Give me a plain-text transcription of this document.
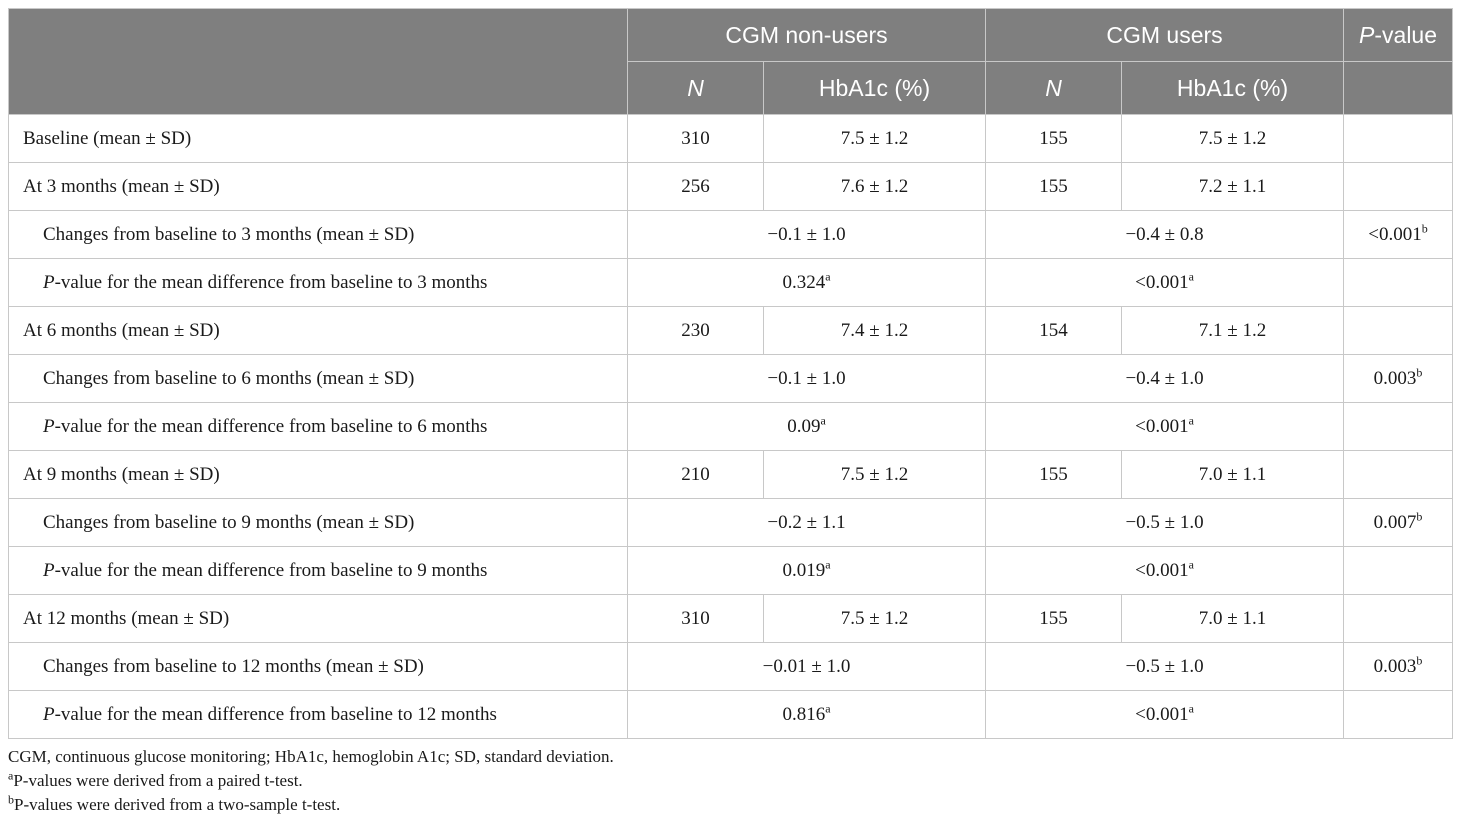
	CGM non-users		CGM users		P-value
	N	HbA1c (%)	N	HbA1c (%)	
Baseline (mean ± SD)	310	7.5 ± 1.2	155	7.5 ± 1.2	
At 3 months (mean ± SD)	256	7.6 ± 1.2	155	7.2 ± 1.1	
Changes from baseline to 3 months (mean ± SD)	−0.1 ± 1.0		−0.4 ± 0.8		<0.001$^b$
P-value for the mean difference from baseline to 3 months	0.324$^a$		<0.001$^a$	
At 6 months (mean ± SD)	230	7.4 ± 1.2	154	7.1 ± 1.2	
Changes from baseline to 6 months (mean ± SD)	−0.1 ± 1.0		−0.4 ± 1.0		0.003$^b$
P-value for the mean difference from baseline to 6 months	0.09$^a$		<0.001$^a$	
At 9 months (mean ± SD)	210	7.5 ± 1.2	155	7.0 ± 1.1	
Changes from baseline to 9 months (mean ± SD)	−0.2 ± 1.1		−0.5 ± 1.0		0.007$^b$
P-value for the mean difference from baseline to 9 months	0.019$^a$		<0.001$^a$	
At 12 months (mean ± SD)	310	7.5 ± 1.2	155	7.0 ± 1.1	
Changes from baseline to 12 months (mean ± SD)	−0.01 ± 1.0		−0.5 ± 1.0		0.003$^b$
P-value for the mean difference from baseline to 12 months	0.816$^a$		<0.001$^a$	
CGM, continuous glucose monitoring; HbA1c, hemoglobin A1c; SD, standard deviation.
$^a$P-values were derived from a paired t-test.
$^b$P-values were derived from a two-sample t-test.
